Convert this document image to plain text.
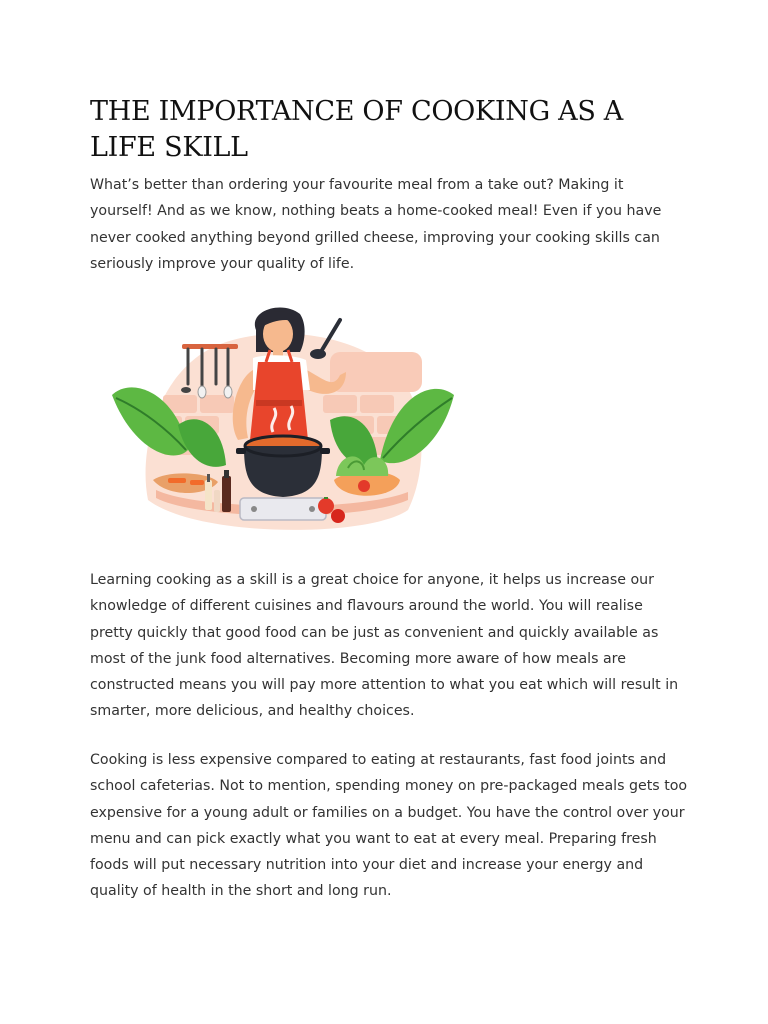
THE IMPORTANCE OF COOKING AS A LIFE SKILL

What’s better than ordering your favourite meal from a take out? Making it yourself! And as we know, nothing beats a home-cooked meal! Even if you have never cooked anything beyond grilled cheese, improving your cooking skills can seriously improve your quality of life.

Learning cooking as a skill is a great choice for anyone, it helps us increase our knowledge of different cuisines and flavours around the world. You will realise pretty quickly that good food can be just as convenient and quickly available as most of the junk food alternatives. Becoming more aware of how meals are constructed means you will pay more attention to what you eat which will result in smarter, more delicious, and healthy choices.

Cooking is less expensive compared to eating at restaurants, fast food joints and school cafeterias. Not to mention, spending money on pre-packaged meals gets too expensive for a young adult or families on a budget. You have the control over your menu and can pick exactly what you want to eat at every meal. Preparing fresh foods will put necessary nutrition into your diet and increase your energy and quality of health in the short and long run.
